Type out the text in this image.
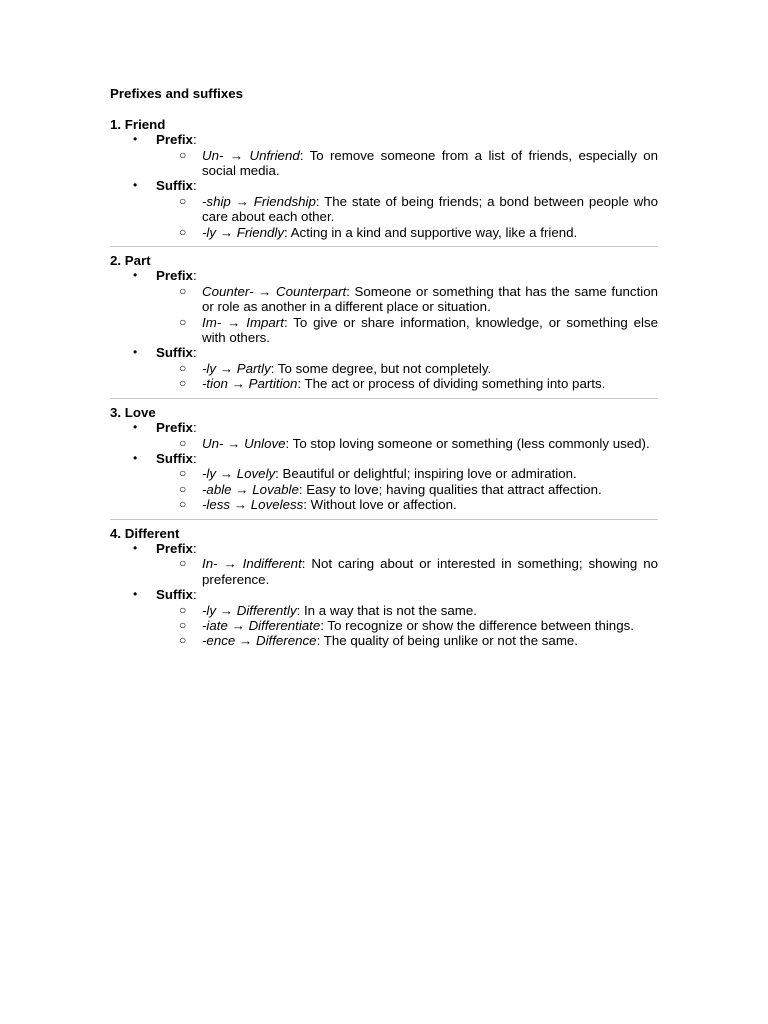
Prefixes and suffixes
1. Friend
• Prefix:
○ Un- → Unfriend: To remove someone from a list of friends, especially on social media.
• Suffix:
○ -ship → Friendship: The state of being friends; a bond between people who care about each other.
○ -ly → Friendly: Acting in a kind and supportive way, like a friend.
2. Part
• Prefix:
○ Counter- → Counterpart: Someone or something that has the same function or role as another in a different place or situation.
○ Im- → Impart: To give or share information, knowledge, or something else with others.
• Suffix:
○ -ly → Partly: To some degree, but not completely.
○ -tion → Partition: The act or process of dividing something into parts.
3. Love
• Prefix:
○ Un- → Unlove: To stop loving someone or something (less commonly used).
• Suffix:
○ -ly → Lovely: Beautiful or delightful; inspiring love or admiration.
○ -able → Lovable: Easy to love; having qualities that attract affection.
○ -less → Loveless: Without love or affection.
4. Different
• Prefix:
○ In- → Indifferent: Not caring about or interested in something; showing no preference.
• Suffix:
○ -ly → Differently: In a way that is not the same.
○ -iate → Differentiate: To recognize or show the difference between things.
○ -ence → Difference: The quality of being unlike or not the same.
